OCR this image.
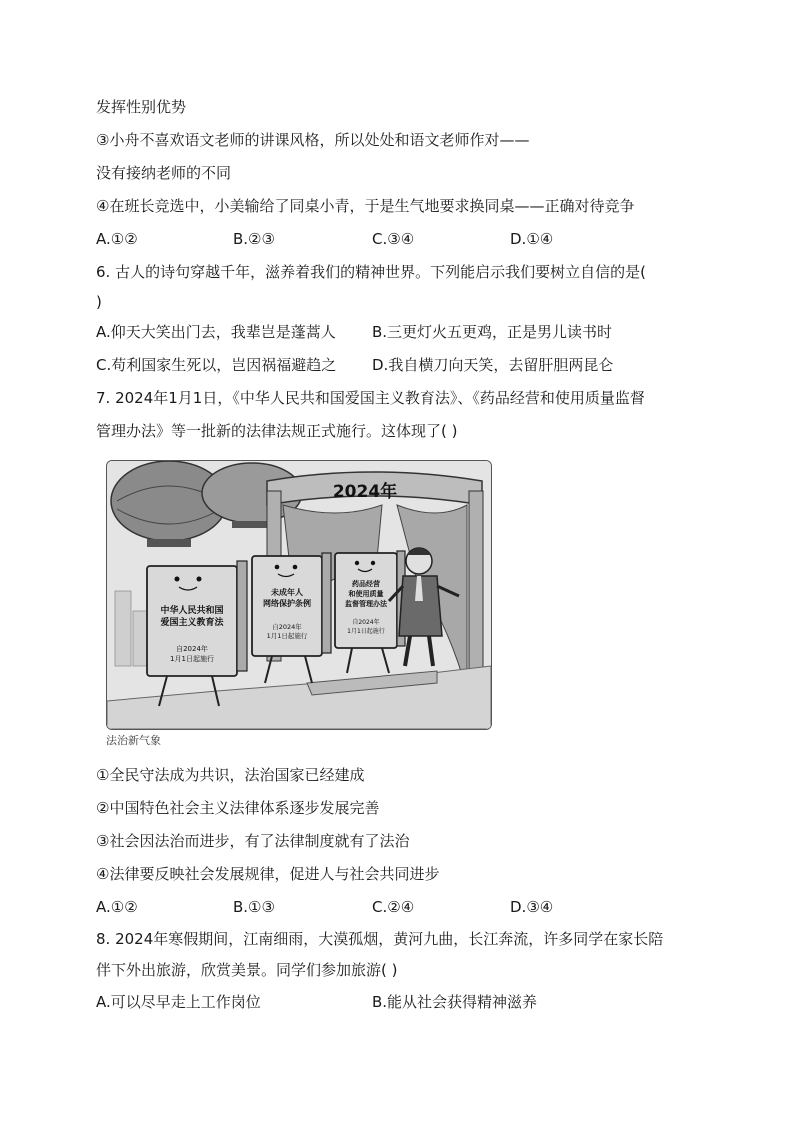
发挥性别优势
③小舟不喜欢语文老师的讲课风格，所以处处和语文老师作对——
没有接纳老师的不同
④在班长竞选中，小美输给了同桌小青，于是生气地要求换同桌——正确对待竞争
A.①②	B.②③	C.③④	D.①④
6. 古人的诗句穿越千年，滋养着我们的精神世界。下列能启示我们要树立自信的是(
)
A.仰天大笑出门去，我辈岂是蓬蒿人 B.三更灯火五更鸡，正是男儿读书时
C.苟利国家生死以，岂因祸福避趋之 D.我自横刀向天笑，去留肝胆两昆仑
7. 2024年1月1日，《中华人民共和国爱国主义教育法》、《药品经营和使用质量监督
管理办法》等一批新的法律法规正式施行。这体现了( )
2024年
中华人民共和国
爱国主义教育法
自2024年
1月1日起施行
未成年人
网络保护条例
自2024年
1月1日起施行
药品经营
和使用质量
监督管理办法
自2024年
1月1日起施行
法治新气象
①全民守法成为共识，法治国家已经建成
②中国特色社会主义法律体系逐步发展完善
③社会因法治而进步，有了法律制度就有了法治
④法律要反映社会发展规律，促进人与社会共同进步
A.①②	B.①③	C.②④	D.③④
8. 2024年寒假期间，江南细雨，大漠孤烟，黄河九曲，长江奔流，许多同学在家长陪
伴下外出旅游，欣赏美景。同学们参加旅游( )
A.可以尽早走上工作岗位	B.能从社会获得精神滋养
